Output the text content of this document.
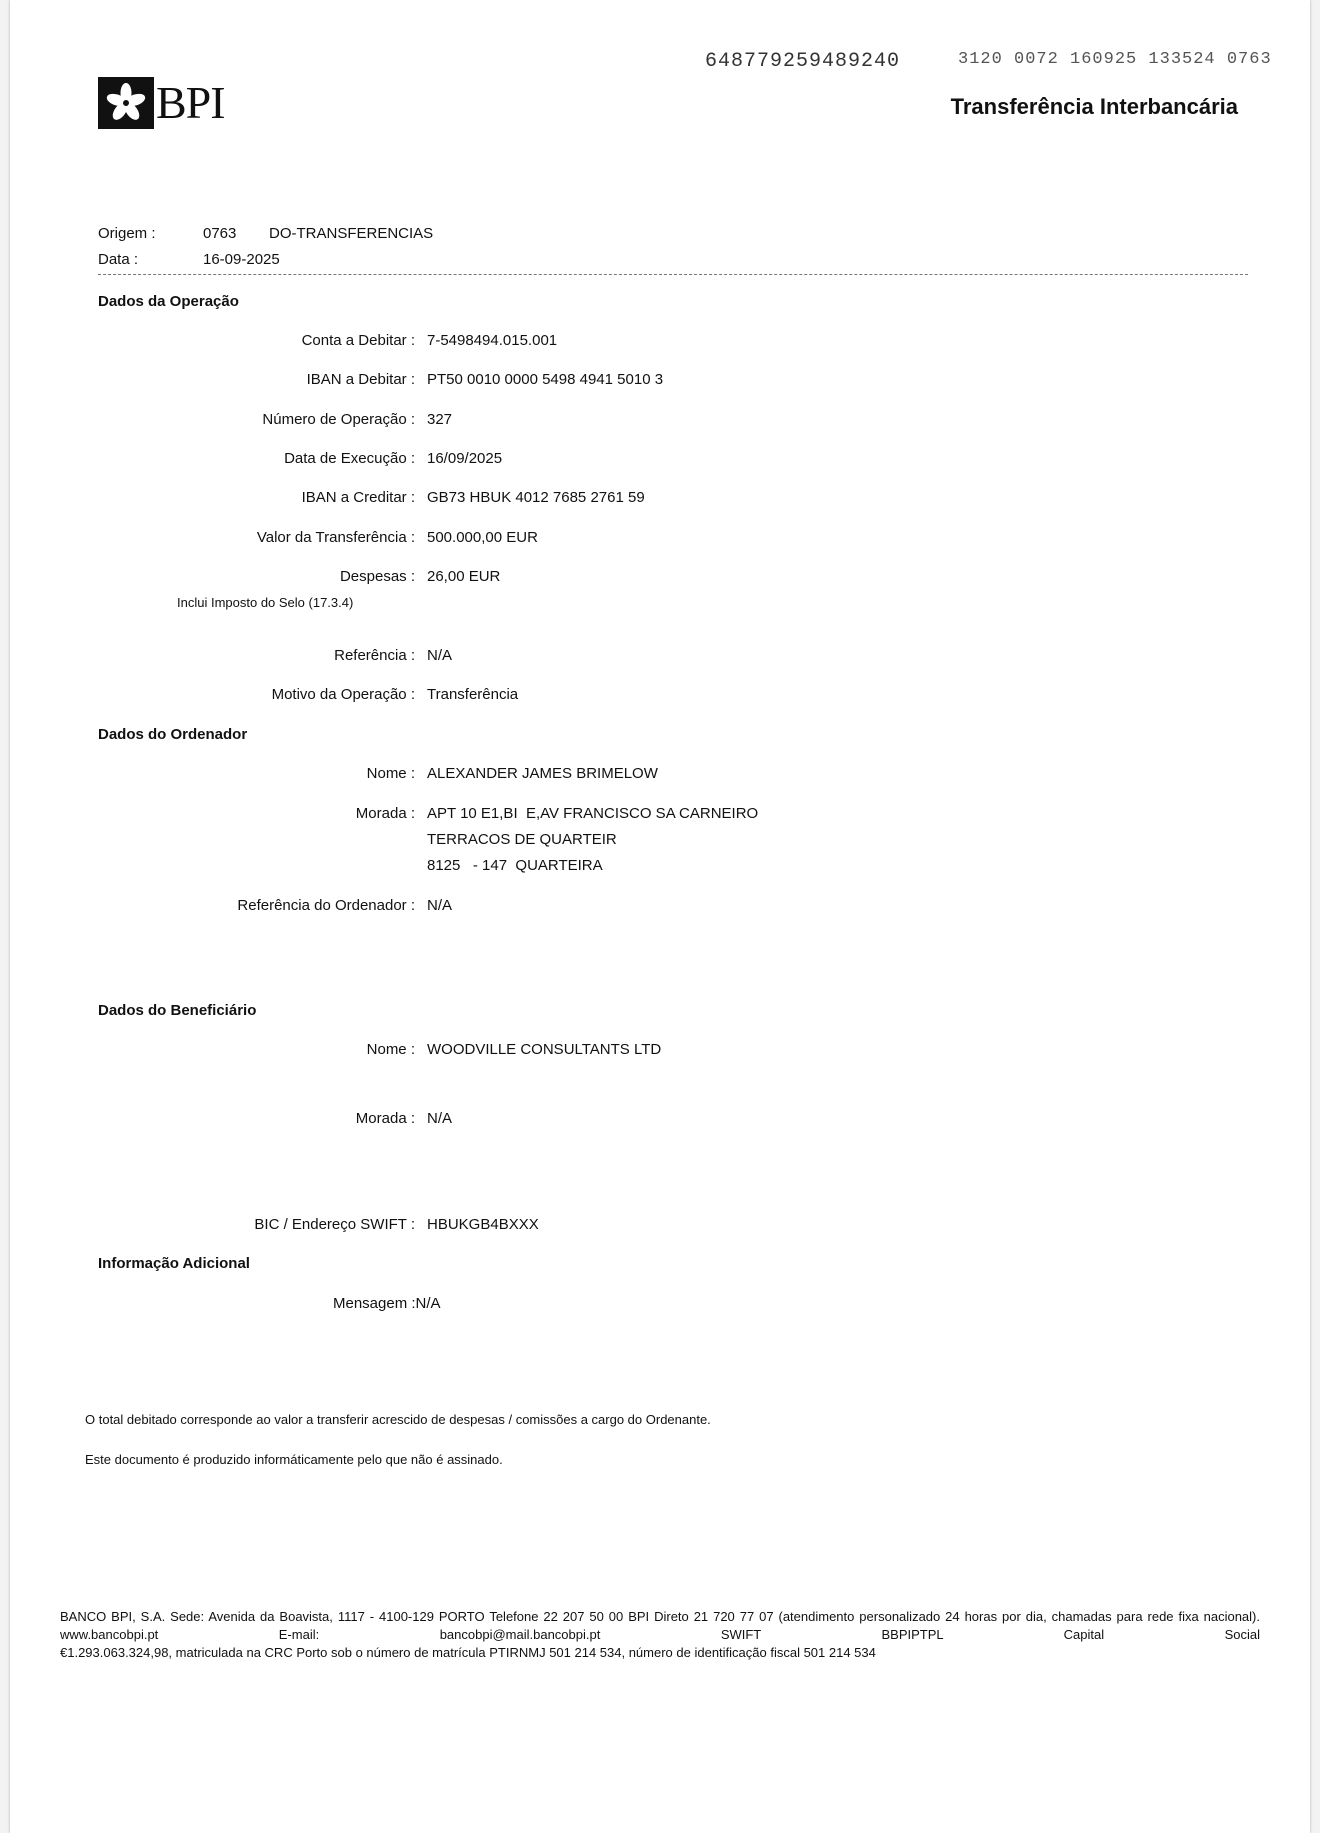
BPI
648779259489240	3120 0072 160925 133524 0763
Transferência Interbancária
Origem :	0763 DO-TRANSFERENCIAS
Data :	16-09-2025
Dados da Operação
Conta a Debitar : 7-5498494.015.001
IBAN a Debitar : PT50 0010 0000 5498 4941 5010 3
Número de Operação : 327
Data de Execução : 16/09/2025
IBAN a Creditar : GB73 HBUK 4012 7685 2761 59
Valor da Transferência : 500.000,00 EUR
Despesas : 26,00 EUR
Inclui Imposto do Selo (17.3.4)
Referência : N/A
Motivo da Operação : Transferência
Dados do Ordenador
Nome : ALEXANDER JAMES BRIMELOW
Morada : APT 10 E1,BI  E,AV FRANCISCO SA CARNEIRO
TERRACOS DE QUARTEIR
8125   - 147  QUARTEIRA
Referência do Ordenador : N/A
Dados do Beneficiário
Nome : WOODVILLE CONSULTANTS LTD
Morada : N/A
BIC / Endereço SWIFT : HBUKGB4BXXX
Informação Adicional
Mensagem :N/A
O total debitado corresponde ao valor a transferir acrescido de despesas / comissões a cargo do Ordenante.
Este documento é produzido informáticamente pelo que não é assinado.
BANCO BPI, S.A. Sede: Avenida da Boavista, 1117 - 4100-129 PORTO Telefone 22 207 50 00 BPI Direto 21 720 77 07 (atendimento personalizado 24 horas por dia, chamadas para rede fixa nacional). www.bancobpi.pt E-mail: bancobpi@mail.bancobpi.pt SWIFT BBPIPTPL Capital Social
€1.293.063.324,98, matriculada na CRC Porto sob o número de matrícula PTIRNMJ 501 214 534, número de identificação fiscal 501 214 534
